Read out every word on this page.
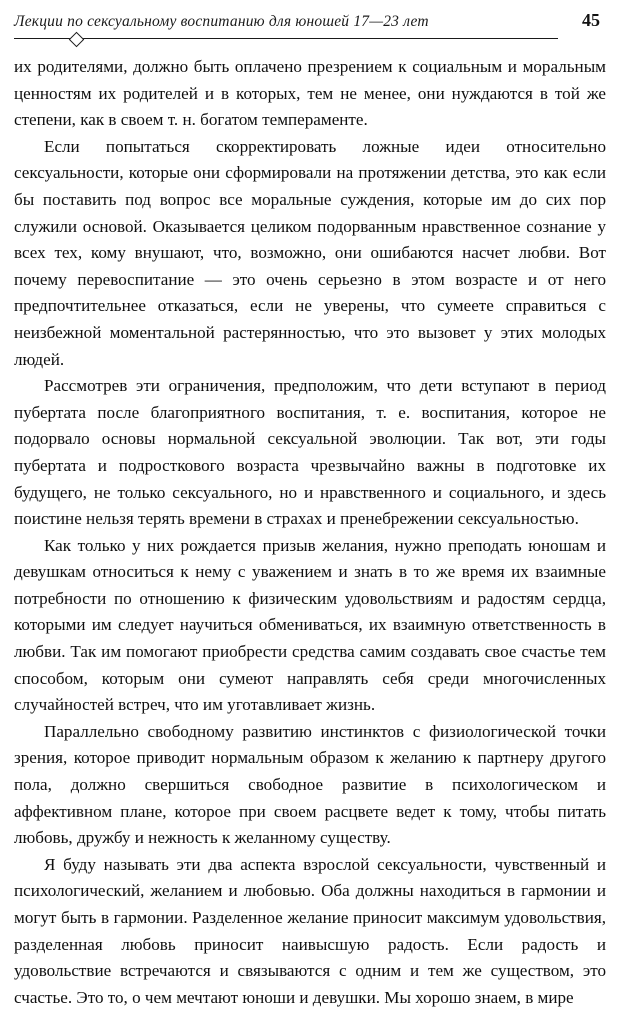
Лекции по сексуальному воспитанию для юношей 17—23 лет	45

их родителями, должно быть оплачено презрением к социальным и моральным ценностям их родителей и в которых, тем не менее, они нуждаются в той же степени, как в своем т. н. богатом темпераменте.

Если попытаться скорректировать ложные идеи относительно сексуальности, которые они сформировали на протяжении детства, это как если бы поставить под вопрос все моральные суждения, которые им до сих пор служили основой. Оказывается целиком подорванным нравственное сознание у всех тех, кому внушают, что, возможно, они ошибаются насчет любви. Вот почему перевоспитание — это очень серьезно в этом возрасте и от него предпочтительнее отказаться, если не уверены, что сумеете справиться с неизбежной моментальной растерянностью, что это вызовет у этих молодых людей.

Рассмотрев эти ограничения, предположим, что дети вступают в период пубертата после благоприятного воспитания, т. е. воспитания, которое не подорвало основы нормальной сексуальной эволюции. Так вот, эти годы пубертата и подросткового возраста чрезвычайно важны в подготовке их будущего, не только сексуального, но и нравственного и социального, и здесь поистине нельзя терять времени в страхах и пренебрежении сексуальностью.

Как только у них рождается призыв желания, нужно преподать юношам и девушкам относиться к нему с уважением и знать в то же время их взаимные потребности по отношению к физическим удовольствиям и радостям сердца, которыми им следует научиться обмениваться, их взаимную ответственность в любви. Так им помогают приобрести средства самим создавать свое счастье тем способом, которым они сумеют направлять себя среди многочисленных случайностей встреч, что им уготавливает жизнь.

Параллельно свободному развитию инстинктов с физиологической точки зрения, которое приводит нормальным образом к желанию к партнеру другого пола, должно свершиться свободное развитие в психологическом и аффективном плане, которое при своем расцвете ведет к тому, чтобы питать любовь, дружбу и нежность к желанному существу.

Я буду называть эти два аспекта взрослой сексуальности, чувственный и психологический, желанием и любовью. Оба должны находиться в гармонии и могут быть в гармонии. Разделенное желание приносит максимум удовольствия, разделенная любовь приносит наивысшую радость. Если радость и удовольствие встречаются и связываются с одним и тем же существом, это счастье. Это то, о чем мечтают юноши и девушки. Мы хорошо знаем, в мире
